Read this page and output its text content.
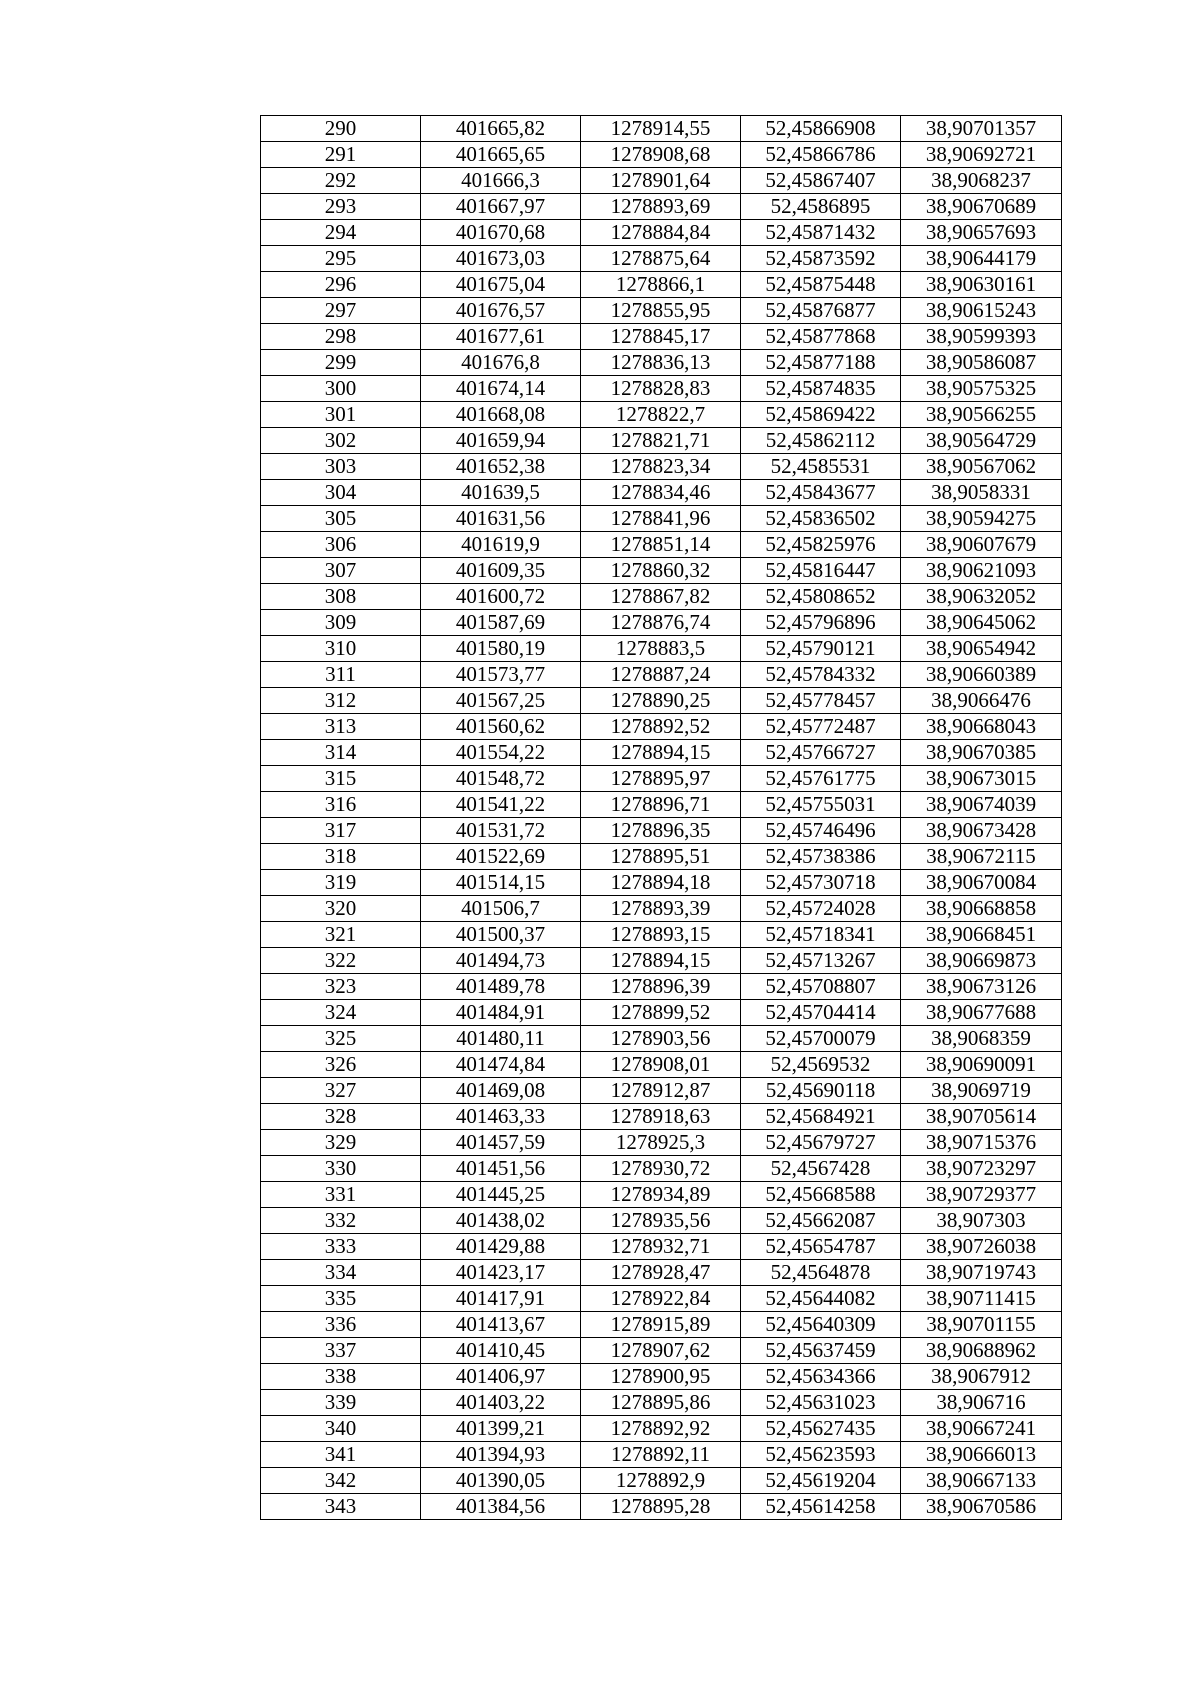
290	401665,82	1278914,55	52,45866908	38,90701357
291	401665,65	1278908,68	52,45866786	38,90692721
292	401666,3	1278901,64	52,45867407	38,9068237
293	401667,97	1278893,69	52,4586895	38,90670689
294	401670,68	1278884,84	52,45871432	38,90657693
295	401673,03	1278875,64	52,45873592	38,90644179
296	401675,04	1278866,1	52,45875448	38,90630161
297	401676,57	1278855,95	52,45876877	38,90615243
298	401677,61	1278845,17	52,45877868	38,90599393
299	401676,8	1278836,13	52,45877188	38,90586087
300	401674,14	1278828,83	52,45874835	38,90575325
301	401668,08	1278822,7	52,45869422	38,90566255
302	401659,94	1278821,71	52,45862112	38,90564729
303	401652,38	1278823,34	52,4585531	38,90567062
304	401639,5	1278834,46	52,45843677	38,9058331
305	401631,56	1278841,96	52,45836502	38,90594275
306	401619,9	1278851,14	52,45825976	38,90607679
307	401609,35	1278860,32	52,45816447	38,90621093
308	401600,72	1278867,82	52,45808652	38,90632052
309	401587,69	1278876,74	52,45796896	38,90645062
310	401580,19	1278883,5	52,45790121	38,90654942
311	401573,77	1278887,24	52,45784332	38,90660389
312	401567,25	1278890,25	52,45778457	38,9066476
313	401560,62	1278892,52	52,45772487	38,90668043
314	401554,22	1278894,15	52,45766727	38,90670385
315	401548,72	1278895,97	52,45761775	38,90673015
316	401541,22	1278896,71	52,45755031	38,90674039
317	401531,72	1278896,35	52,45746496	38,90673428
318	401522,69	1278895,51	52,45738386	38,90672115
319	401514,15	1278894,18	52,45730718	38,90670084
320	401506,7	1278893,39	52,45724028	38,90668858
321	401500,37	1278893,15	52,45718341	38,90668451
322	401494,73	1278894,15	52,45713267	38,90669873
323	401489,78	1278896,39	52,45708807	38,90673126
324	401484,91	1278899,52	52,45704414	38,90677688
325	401480,11	1278903,56	52,45700079	38,9068359
326	401474,84	1278908,01	52,4569532	38,90690091
327	401469,08	1278912,87	52,45690118	38,9069719
328	401463,33	1278918,63	52,45684921	38,90705614
329	401457,59	1278925,3	52,45679727	38,90715376
330	401451,56	1278930,72	52,4567428	38,90723297
331	401445,25	1278934,89	52,45668588	38,90729377
332	401438,02	1278935,56	52,45662087	38,907303
333	401429,88	1278932,71	52,45654787	38,90726038
334	401423,17	1278928,47	52,4564878	38,90719743
335	401417,91	1278922,84	52,45644082	38,90711415
336	401413,67	1278915,89	52,45640309	38,90701155
337	401410,45	1278907,62	52,45637459	38,90688962
338	401406,97	1278900,95	52,45634366	38,9067912
339	401403,22	1278895,86	52,45631023	38,906716
340	401399,21	1278892,92	52,45627435	38,90667241
341	401394,93	1278892,11	52,45623593	38,90666013
342	401390,05	1278892,9	52,45619204	38,90667133
343	401384,56	1278895,28	52,45614258	38,90670586
